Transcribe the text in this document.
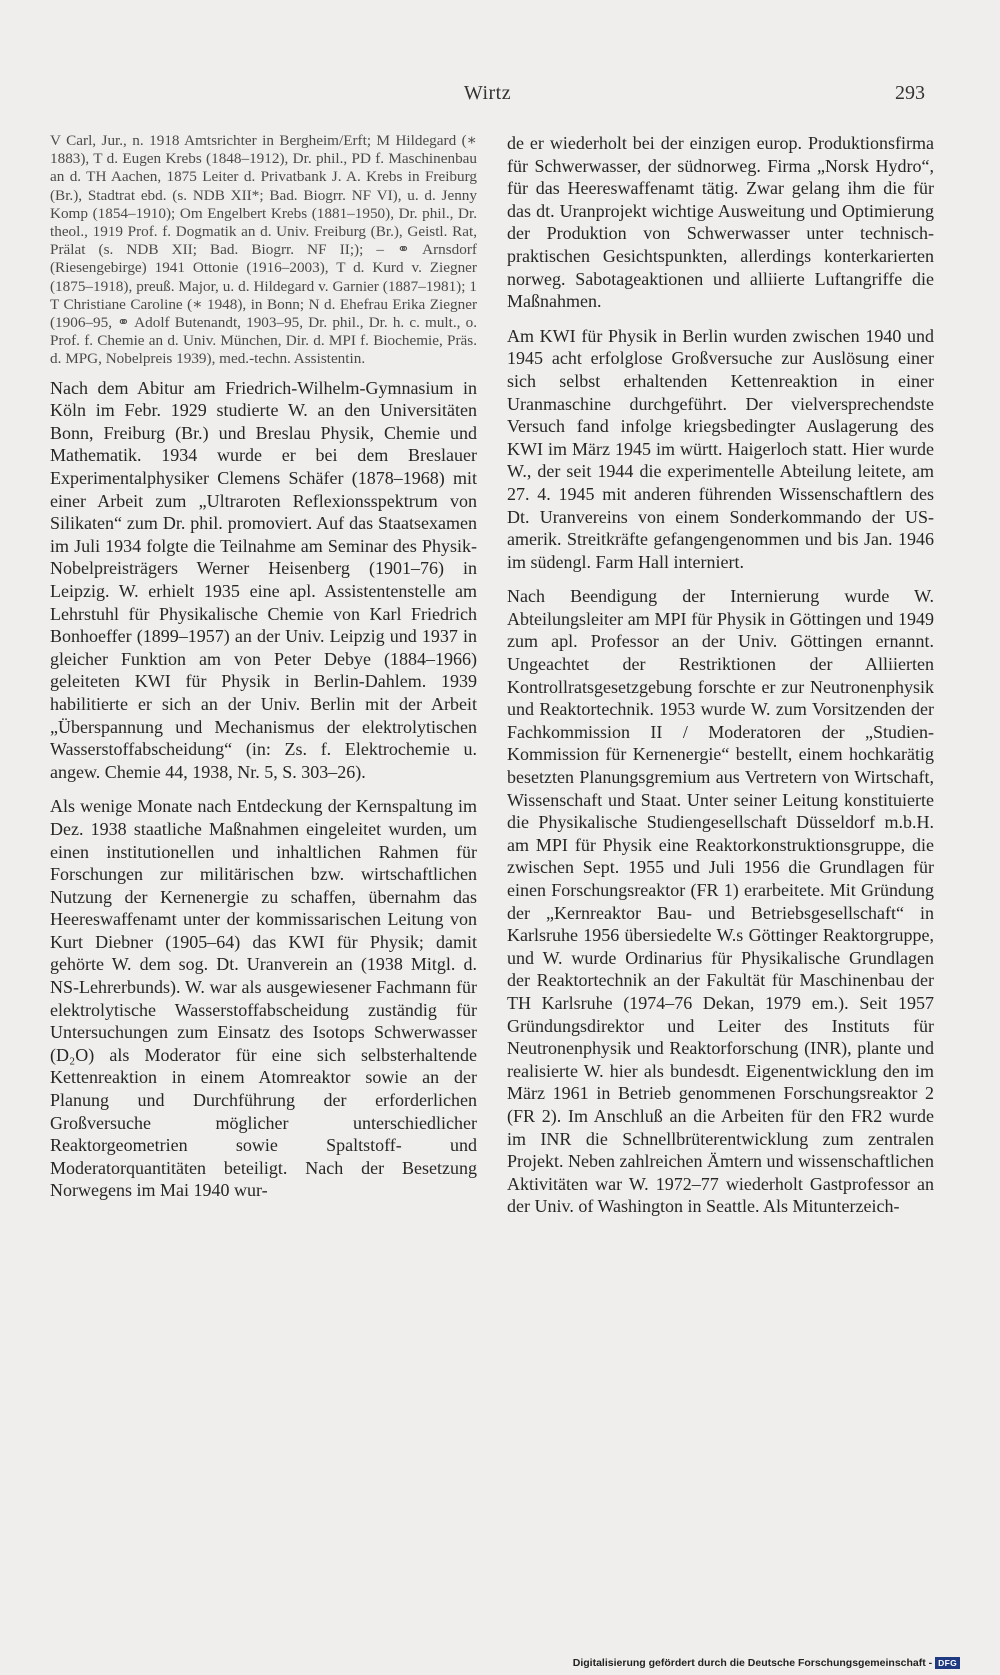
Wirtz	293

V Carl, Jur., n. 1918 Amtsrichter in Bergheim/Erft; M Hildegard (∗ 1883), T d. Eugen Krebs (1848–1912), Dr. phil., PD f. Maschinenbau an d. TH Aachen, 1875 Leiter d. Privatbank J. A. Krebs in Freiburg (Br.), Stadtrat ebd. (s. NDB XII*; Bad. Biogrr. NF VI), u. d. Jenny Komp (1854–1910); Om Engelbert Krebs (1881–1950), Dr. phil., Dr. theol., 1919 Prof. f. Dogmatik an d. Univ. Freiburg (Br.), Geistl. Rat, Prälat (s. NDB XII; Bad. Biogrr. NF II;); – ⚭ Arnsdorf (Riesengebirge) 1941 Ottonie (1916–2003), T d. Kurd v. Ziegner (1875–1918), preuß. Major, u. d. Hildegard v. Garnier (1887–1981); 1 T Christiane Caroline (∗ 1948), in Bonn; N d. Ehefrau Erika Ziegner (1906–95, ⚭ Adolf Butenandt, 1903–95, Dr. phil., Dr. h. c. mult., o. Prof. f. Chemie an d. Univ. München, Dir. d. MPI f. Biochemie, Präs. d. MPG, Nobelpreis 1939), med.-techn. Assistentin.

Nach dem Abitur am Friedrich-Wilhelm-Gymnasium in Köln im Febr. 1929 studierte W. an den Universitäten Bonn, Freiburg (Br.) und Breslau Physik, Chemie und Mathematik. 1934 wurde er bei dem Breslauer Experimentalphysiker Clemens Schäfer (1878–1968) mit einer Arbeit zum „Ultraroten Reflexionsspektrum von Silikaten“ zum Dr. phil. promoviert. Auf das Staatsexamen im Juli 1934 folgte die Teilnahme am Seminar des Physik-Nobelpreisträgers Werner Heisenberg (1901–76) in Leipzig. W. erhielt 1935 eine apl. Assistentenstelle am Lehrstuhl für Physikalische Chemie von Karl Friedrich Bonhoeffer (1899–1957) an der Univ. Leipzig und 1937 in gleicher Funktion am von Peter Debye (1884–1966) geleiteten KWI für Physik in Berlin-Dahlem. 1939 habilitierte er sich an der Univ. Berlin mit der Arbeit „Überspannung und Mechanismus der elektrolytischen Wasserstoffabscheidung“ (in: Zs. f. Elektrochemie u. angew. Chemie 44, 1938, Nr. 5, S. 303–26).

Als wenige Monate nach Entdeckung der Kernspaltung im Dez. 1938 staatliche Maßnahmen eingeleitet wurden, um einen institutionellen und inhaltlichen Rahmen für Forschungen zur militärischen bzw. wirtschaftlichen Nutzung der Kernenergie zu schaffen, übernahm das Heereswaffenamt unter der kommissarischen Leitung von Kurt Diebner (1905–64) das KWI für Physik; damit gehörte W. dem sog. Dt. Uranverein an (1938 Mitgl. d. NS-Lehrerbunds). W. war als ausgewiesener Fachmann für elektrolytische Wasserstoffabscheidung zuständig für Untersuchungen zum Einsatz des Isotops Schwerwasser (D₂O) als Moderator für eine sich selbsterhaltende Kettenreaktion in einem Atomreaktor sowie an der Planung und Durchführung der erforderlichen Großversuche möglicher unterschiedlicher Reaktorgeometrien sowie Spaltstoff- und Moderatorquantitäten beteiligt. Nach der Besetzung Norwegens im Mai 1940 wur-

de er wiederholt bei der einzigen europ. Produktionsfirma für Schwerwasser, der südnorweg. Firma „Norsk Hydro“, für das Heereswaffenamt tätig. Zwar gelang ihm die für das dt. Uranprojekt wichtige Ausweitung und Optimierung der Produktion von Schwerwasser unter technisch-praktischen Gesichtspunkten, allerdings konterkarierten norweg. Sabotageaktionen und alliierte Luftangriffe die Maßnahmen.

Am KWI für Physik in Berlin wurden zwischen 1940 und 1945 acht erfolglose Großversuche zur Auslösung einer sich selbst erhaltenden Kettenreaktion in einer Uranmaschine durchgeführt. Der vielversprechendste Versuch fand infolge kriegsbedingter Auslagerung des KWI im März 1945 im württ. Haigerloch statt. Hier wurde W., der seit 1944 die experimentelle Abteilung leitete, am 27. 4. 1945 mit anderen führenden Wissenschaftlern des Dt. Uranvereins von einem Sonderkommando der US-amerik. Streitkräfte gefangengenommen und bis Jan. 1946 im südengl. Farm Hall interniert.

Nach Beendigung der Internierung wurde W. Abteilungsleiter am MPI für Physik in Göttingen und 1949 zum apl. Professor an der Univ. Göttingen ernannt. Ungeachtet der Restriktionen der Alliierten Kontrollratsgesetzgebung forschte er zur Neutronenphysik und Reaktortechnik. 1953 wurde W. zum Vorsitzenden der Fachkommission II / Moderatoren der „Studien-Kommission für Kernenergie“ bestellt, einem hochkarätig besetzten Planungsgremium aus Vertretern von Wirtschaft, Wissenschaft und Staat. Unter seiner Leitung konstituierte die Physikalische Studiengesellschaft Düsseldorf m.b.H. am MPI für Physik eine Reaktorkonstruktionsgruppe, die zwischen Sept. 1955 und Juli 1956 die Grundlagen für einen Forschungsreaktor (FR 1) erarbeitete. Mit Gründung der „Kernreaktor Bau- und Betriebsgesellschaft“ in Karlsruhe 1956 übersiedelte W.s Göttinger Reaktorgruppe, und W. wurde Ordinarius für Physikalische Grundlagen der Reaktortechnik an der Fakultät für Maschinenbau der TH Karlsruhe (1974–76 Dekan, 1979 em.). Seit 1957 Gründungsdirektor und Leiter des Instituts für Neutronenphysik und Reaktorforschung (INR), plante und realisierte W. hier als bundesdt. Eigenentwicklung den im März 1961 in Betrieb genommenen Forschungsreaktor 2 (FR 2). Im Anschluß an die Arbeiten für den FR2 wurde im INR die Schnellbrüterentwicklung zum zentralen Projekt. Neben zahlreichen Ämtern und wissenschaftlichen Aktivitäten war W. 1972–77 wiederholt Gastprofessor an der Univ. of Washington in Seattle. Als Mitunterzeich-

Digitalisierung gefördert durch die Deutsche Forschungsgemeinschaft - DFG
